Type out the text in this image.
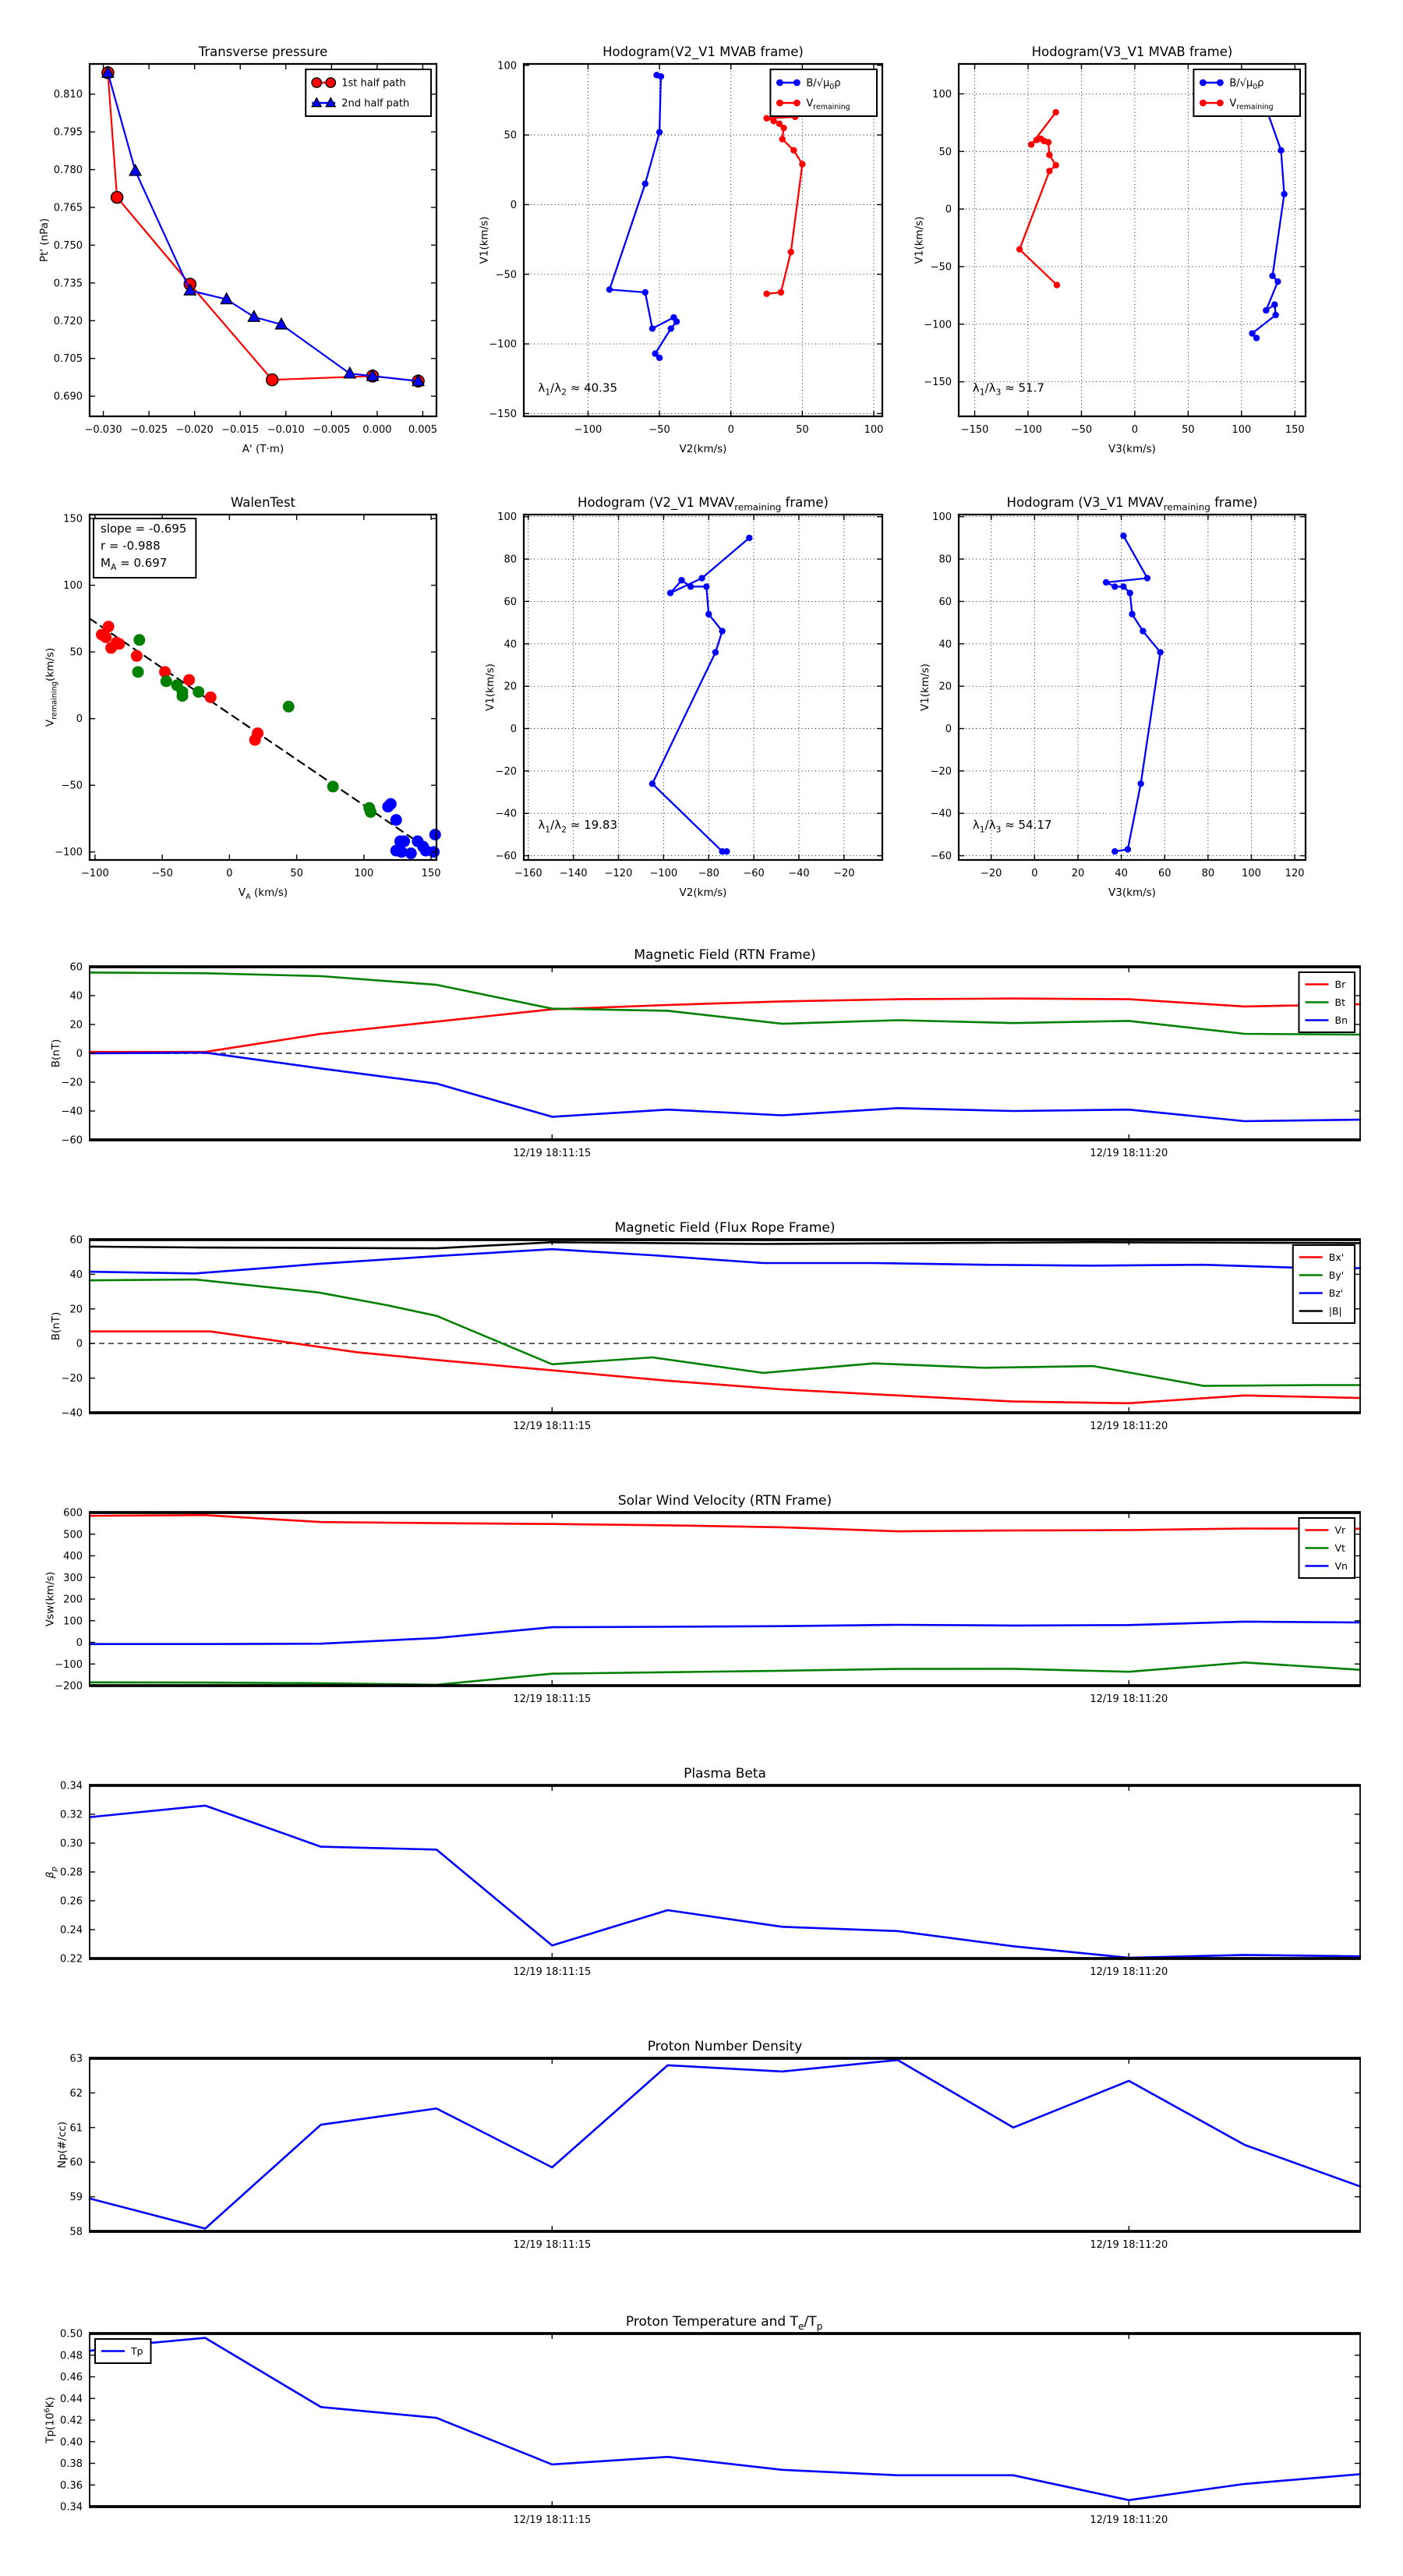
−0.030 −0.025 −0.020 −0.015 −0.010 −0.005 0.000 0.005
0.690
0.705
0.720
0.735
0.750
0.765
0.780
0.795
0.810
Transverse pressure
A' (T·m)
Pt' (nPa)
1st half path
2nd half path
−100	−50	0	50	100
−150
−100
−50
0
50
100
Hodogram(V2_V1 MVAB frame)
V2(km/s)
V1(km/s)
$\lambda_1/\lambda_2 \approx 40.35$
$B/√\mu_0\rho$
$V_{remaining}$ 
−150	−100	−50	0	50	100	150
−150
−100
−50
0
50
100
Hodogram(V3_V1 MVAB frame)
V3(km/s)
V1(km/s)
$\lambda_1/\lambda_3 \approx 51.7$
$B/√\mu_0\rho$
$V_{remaining}$ 
−100	−50	0	50	100	150
−100
−50
0
50
100
150
WalenTest
$V_A$ (km/s)
$V_{remaining}(km/s)$
slope = -0.695
r = -0.988
$M_A = 0.697$
−160 −140 −120 −100 −80 −60 −40 −20
−60
−40
−20
0
20
40
60
80
100
Hodogram (V2_V1 $MVAV_{remaining}$ frame)
V2(km/s)
V1(km/s)
$\lambda_1/\lambda_2 \approx 19.83$
−20	0	20	40	60	80	100 120
−60
−40
−20
0
20
40
60
80
100
Hodogram (V3_V1 $MVAV_{remaining}$ frame)
V3(km/s)
V1(km/s)
$\lambda_1/\lambda_3 \approx 54.17$
12/19 18:11:15	12/19 18:11:20
−60
−40
−20
0
20
40
60
Magnetic Field (RTN Frame)
B(nT)
Br
Bt
Bn
12/19 18:11:15	12/19 18:11:20
−40
−20
0
20
40
60
Magnetic Field (Flux Rope Frame)
B(nT)
Bx'
By'
Bz'
|B|
12/19 18:11:15	12/19 18:11:20
−200
−100
0
100
200
300
400
500
600
Solar Wind Velocity (RTN Frame)
Vsw(km/s)
Vr
Vt
Vn
12/19 18:11:15	12/19 18:11:20
0.22
0.24
0.26
0.28
0.30
0.32
0.34
Plasma Beta
$\beta_p$ 
12/19 18:11:15	12/19 18:11:20
58
59
60
61
62
63
Proton Number Density
Np(#/cc)
12/19 18:11:15	12/19 18:11:20
0.34
0.36
0.38
0.40
0.42
0.44
0.46
0.48
0.50
Proton Temperature and $T_e/T_p$ 
$Tp(10^6K)$
Tp
